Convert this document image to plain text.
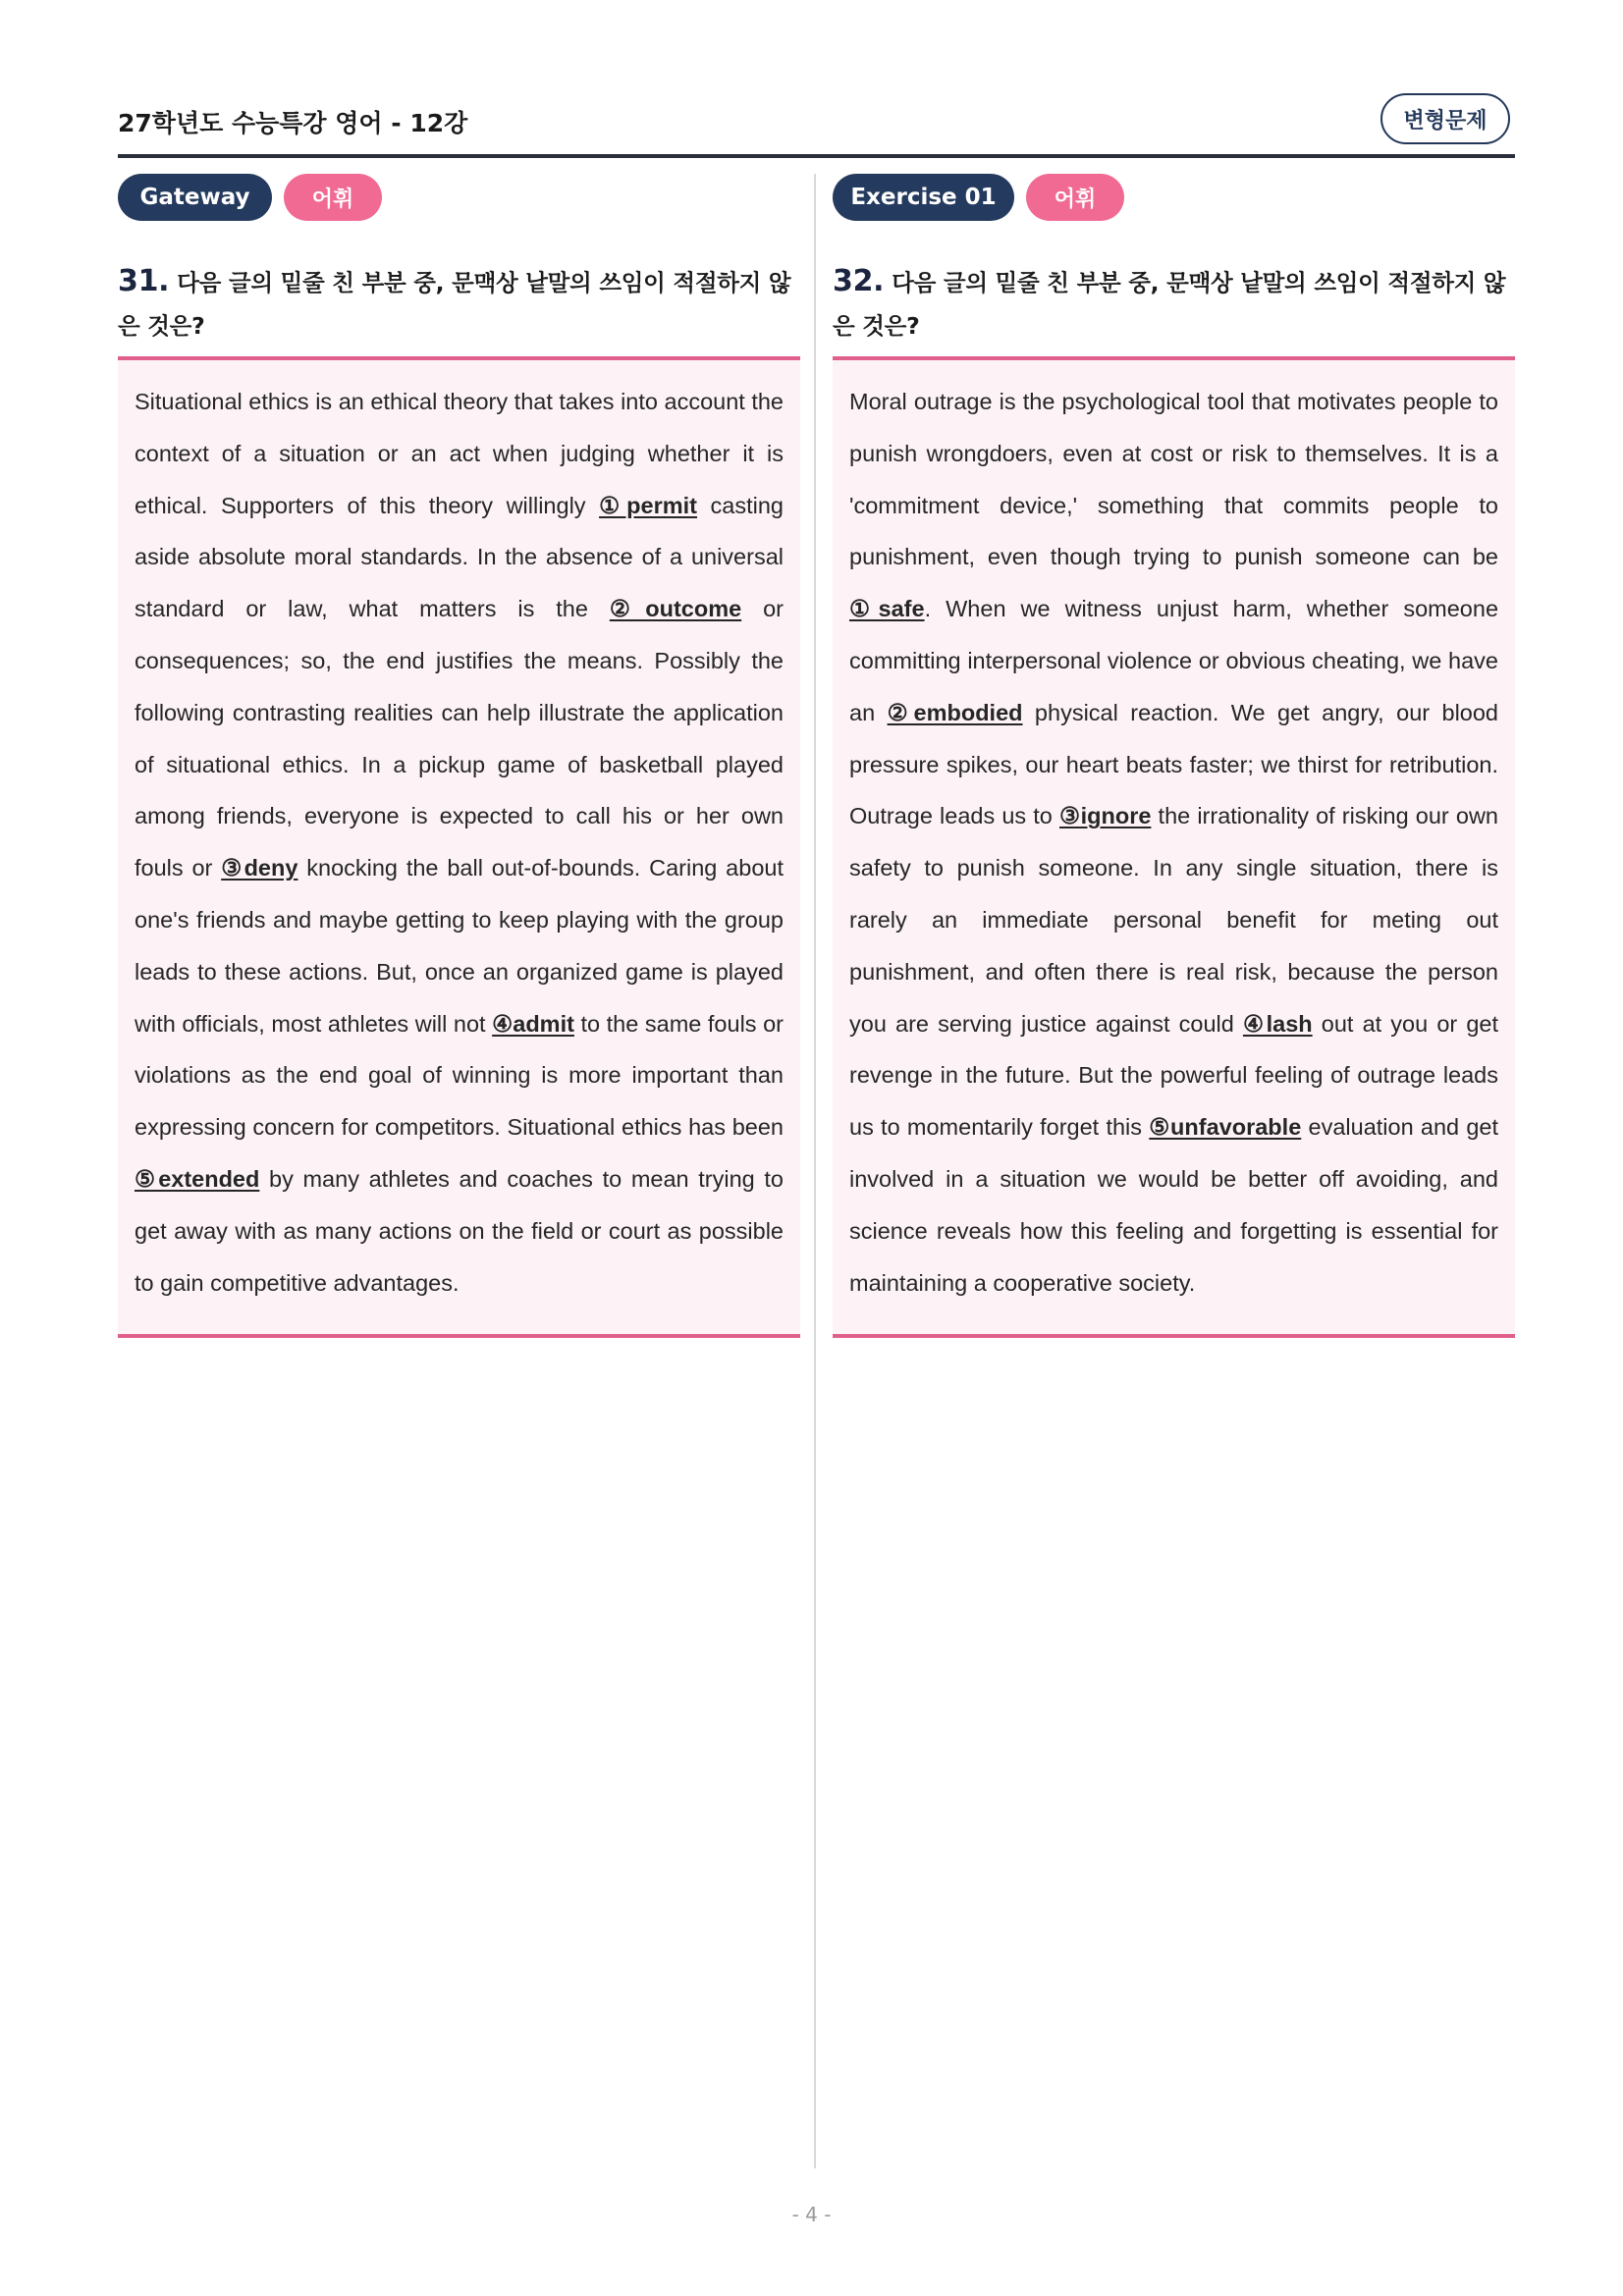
27학년도 수능특강 영어 - 12강	변형문제
Gateway	어휘
31. 다음 글의 밑줄 친 부분 중, 문맥상 낱말의 쓰임이 적절하지 않은 것은?

Situational ethics is an ethical theory that takes into account the context of a situation or an act when judging whether it is ethical. Supporters of this theory willingly ①permit casting aside absolute moral standards. In the absence of a universal standard or law, what matters is the ②outcome or consequences; so, the end justifies the means. Possibly the following contrasting realities can help illustrate the application of situational ethics. In a pickup game of basketball played among friends, everyone is expected to call his or her own fouls or ③deny knocking the ball out-of-bounds. Caring about one's friends and maybe getting to keep playing with the group leads to these actions. But, once an organized game is played with officials, most athletes will not ④admit to the same fouls or violations as the end goal of winning is more important than expressing concern for competitors. Situational ethics has been ⑤extended by many athletes and coaches to mean trying to get away with as many actions on the field or court as possible to gain competitive advantages.

Exercise 01	어휘
32. 다음 글의 밑줄 친 부분 중, 문맥상 낱말의 쓰임이 적절하지 않은 것은?

Moral outrage is the psychological tool that motivates people to punish wrongdoers, even at cost or risk to themselves. It is a 'commitment device,' something that commits people to punishment, even though trying to punish someone can be ①safe. When we witness unjust harm, whether someone committing interpersonal violence or obvious cheating, we have an ②embodied physical reaction. We get angry, our blood pressure spikes, our heart beats faster; we thirst for retribution. Outrage leads us to ③ignore the irrationality of risking our own safety to punish someone. In any single situation, there is rarely an immediate personal benefit for meting out punishment, and often there is real risk, because the person you are serving justice against could ④lash out at you or get revenge in the future. But the powerful feeling of outrage leads us to momentarily forget this ⑤unfavorable evaluation and get involved in a situation we would be better off avoiding, and science reveals how this feeling and forgetting is essential for maintaining a cooperative society.

- 4 -
